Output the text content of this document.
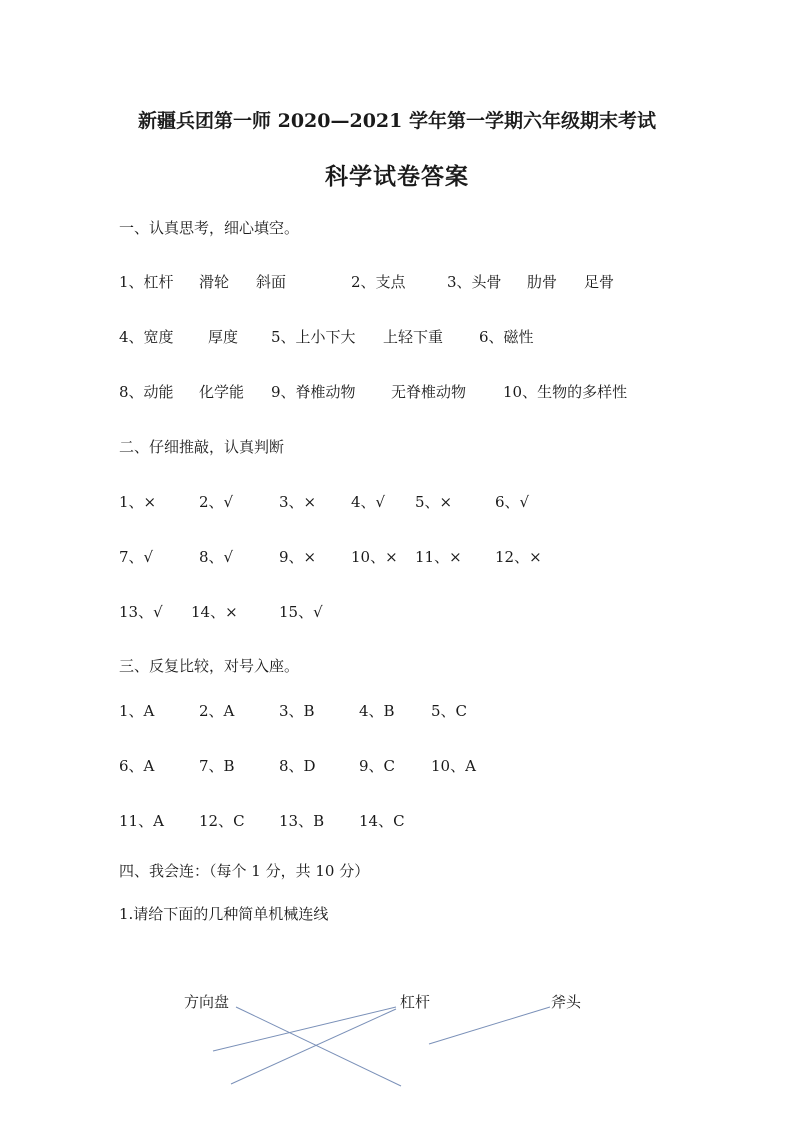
新疆兵团第一师 2020—2021 学年第一学期六年级期末考试
科学试卷答案
一、认真思考，细心填空。
1、杠杆 滑轮 斜面	2、支点	3、头骨 肋骨 足骨
4、宽度 厚度 5、上小下大 上轻下重 6、磁性
8、动能 化学能 9、脊椎动物 无脊椎动物 10、生物的多样性
二、仔细推敲，认真判断
1、×	2、√	3、× 4、√ 5、×	6、√
7、√	8、√	9、× 10、× 11、× 12、×
13、√ 14、×	15、√
三、反复比较，对号入座。
1、A	2、A	3、B	4、B 5、C
6、A	7、B	8、D	9、C 10、A
11、A 12、C 13、B 14、C
四、我会连：（每个 1 分，共 10 分）
1.请给下面的几种简单机械连线
方向盘	杠杆	斧头
